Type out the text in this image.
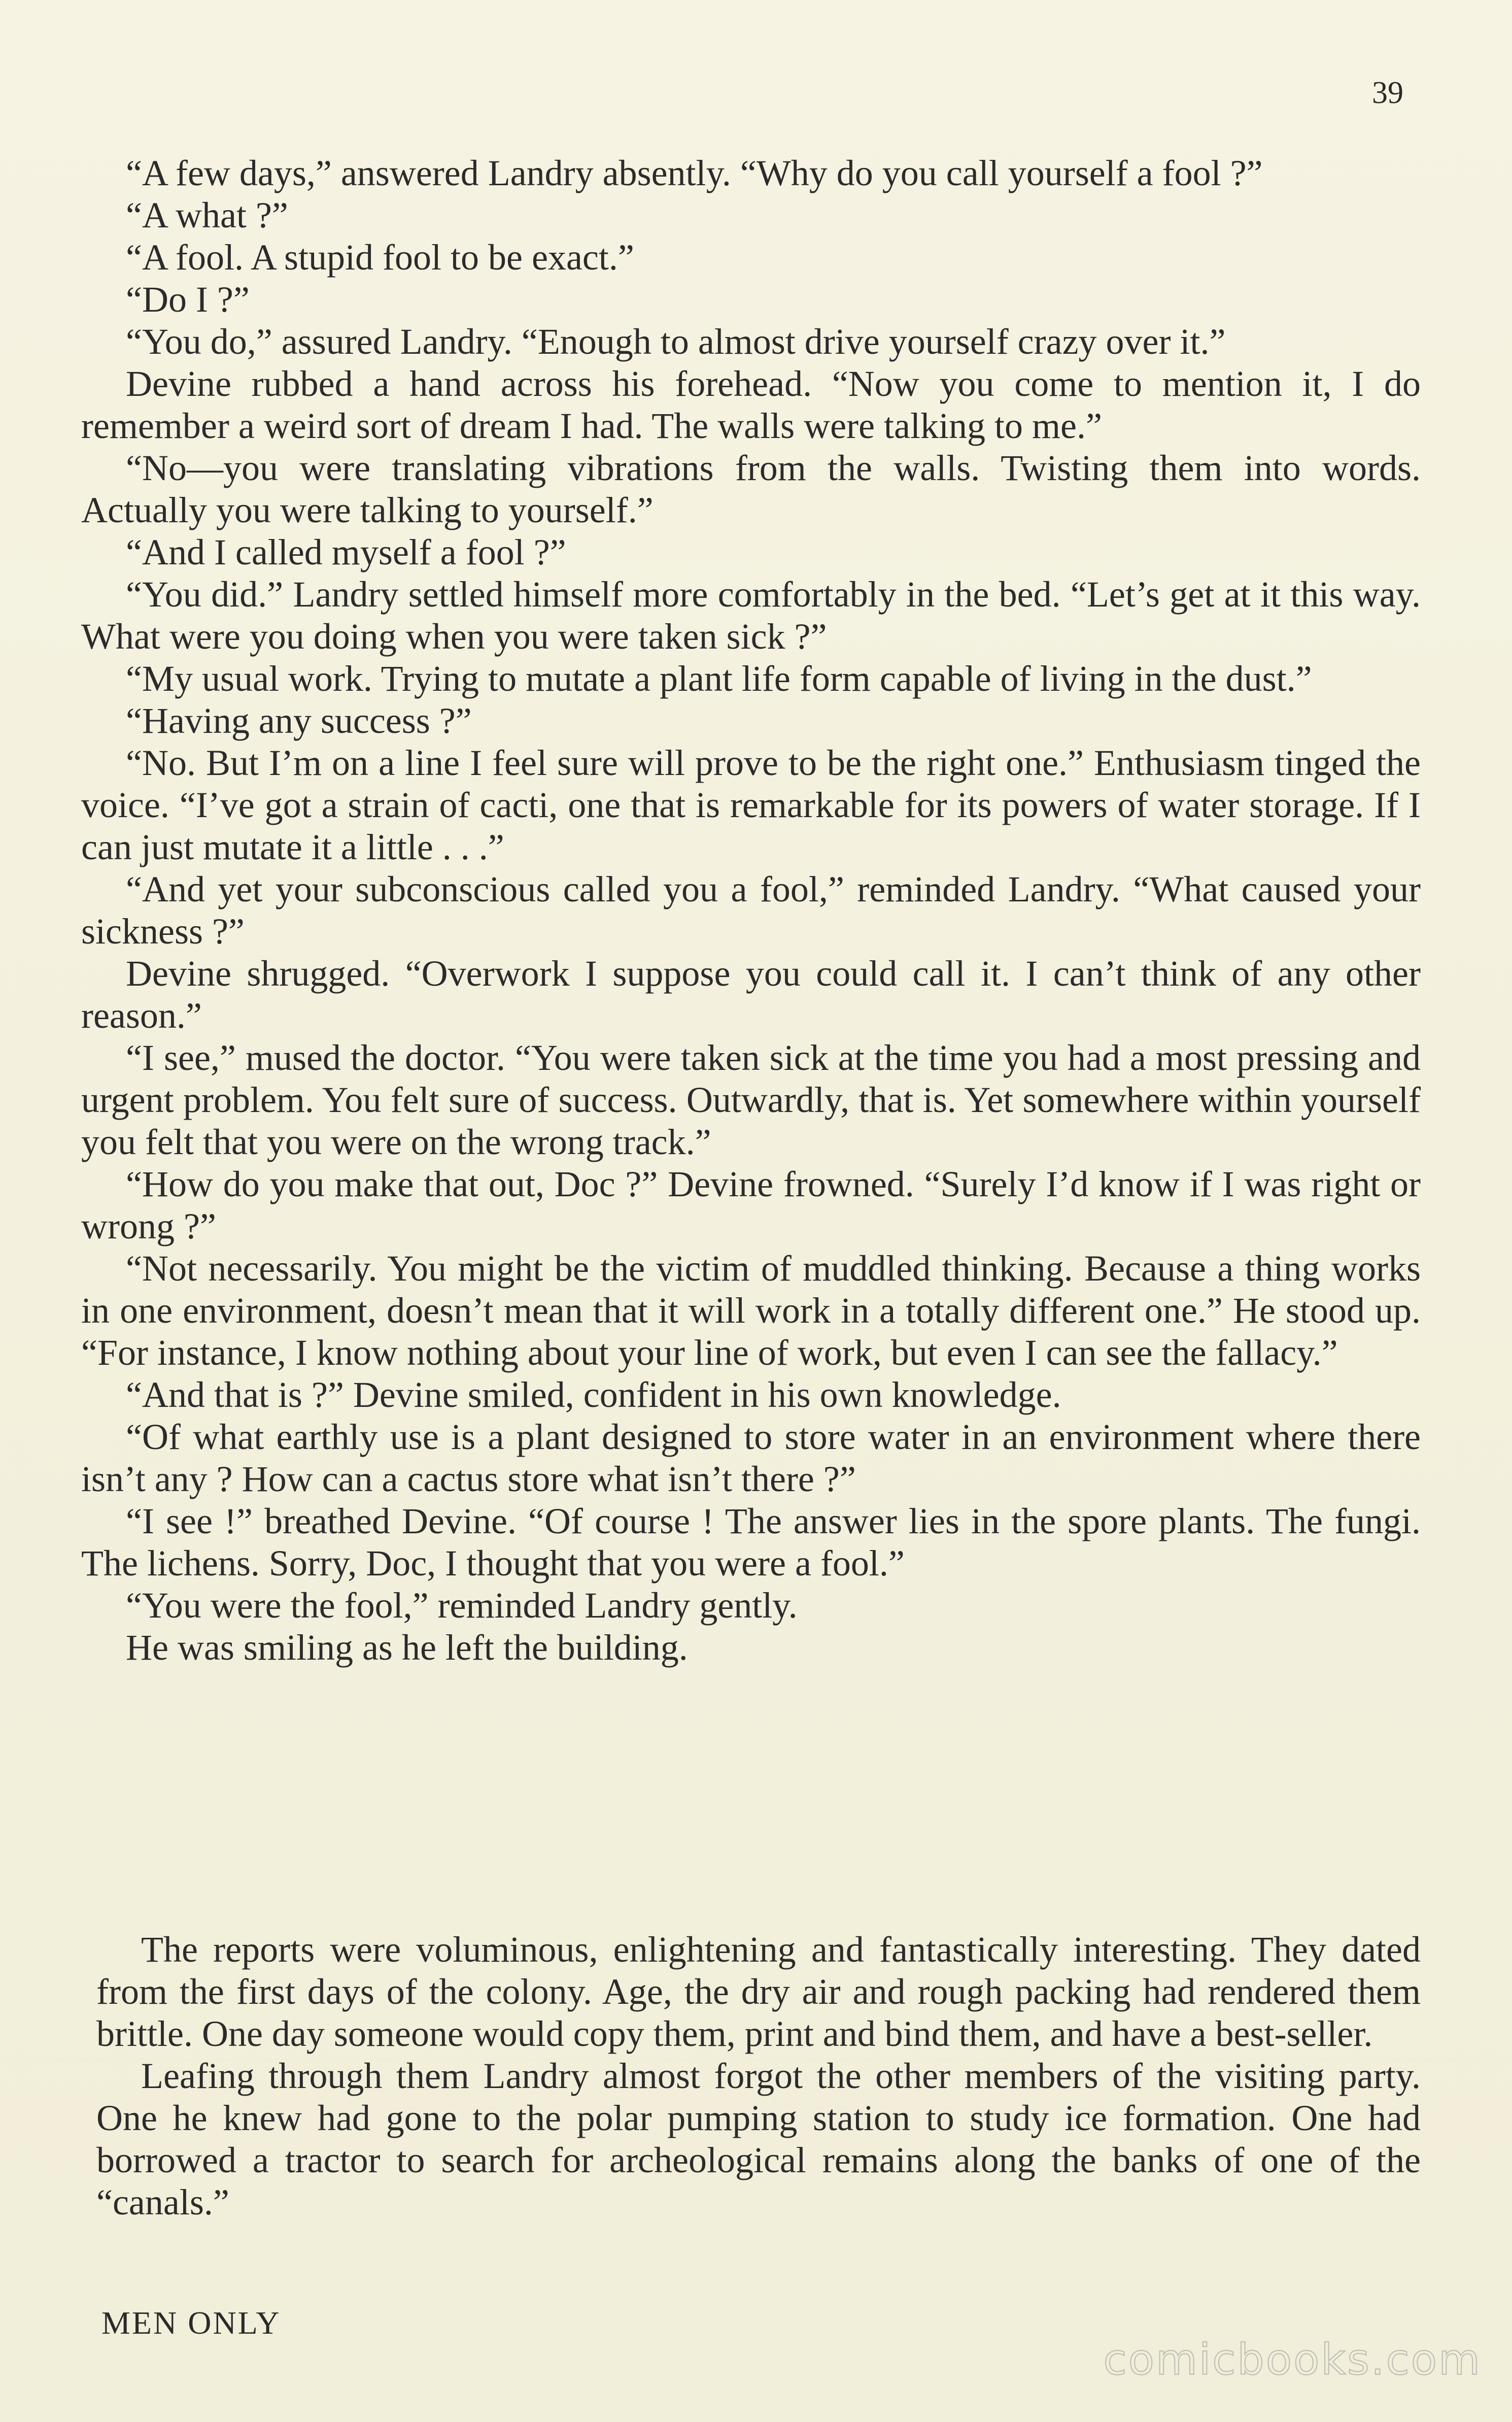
39

“A few days,” answered Landry absently. “Why do you call yourself a fool ?”

“A what ?”

“A fool. A stupid fool to be exact.”

“Do I ?”

“You do,” assured Landry. “Enough to almost drive yourself crazy over it.”

Devine rubbed a hand across his forehead. “Now you come to mention it, I do remember a weird sort of dream I had. The walls were talking to me.”

“No—you were translating vibrations from the walls. Twisting them into words. Actually you were talking to yourself.”

“And I called myself a fool ?”

“You did.” Landry settled himself more comfortably in the bed. “Let’s get at it this way. What were you doing when you were taken sick ?”

“My usual work. Trying to mutate a plant life form capable of living in the dust.”

“Having any success ?”

“No. But I’m on a line I feel sure will prove to be the right one.” Enthusiasm tinged the voice. “I’ve got a strain of cacti, one that is remarkable for its powers of water storage. If I can just mutate it a little . . .”

“And yet your subconscious called you a fool,” reminded Landry. “What caused your sickness ?”

Devine shrugged. “Overwork I suppose you could call it. I can’t think of any other reason.”

“I see,” mused the doctor. “You were taken sick at the time you had a most pressing and urgent problem. You felt sure of success. Outwardly, that is. Yet somewhere within yourself you felt that you were on the wrong track.”

“How do you make that out, Doc ?” Devine frowned. “Surely I’d know if I was right or wrong ?”

“Not necessarily. You might be the victim of muddled thinking. Because a thing works in one environment, doesn’t mean that it will work in a totally different one.” He stood up. “For instance, I know nothing about your line of work, but even I can see the fallacy.”

“And that is ?” Devine smiled, confident in his own knowledge.

“Of what earthly use is a plant designed to store water in an environment where there isn’t any ? How can a cactus store what isn’t there ?”

“I see !” breathed Devine. “Of course ! The answer lies in the spore plants. The fungi. The lichens. Sorry, Doc, I thought that you were a fool.”

“You were the fool,” reminded Landry gently.

He was smiling as he left the building.

The reports were voluminous, enlightening and fantastically interesting. They dated from the first days of the colony. Age, the dry air and rough packing had rendered them brittle. One day someone would copy them, print and bind them, and have a best-seller.

Leafing through them Landry almost forgot the other members of the visiting party. One he knew had gone to the polar pumping station to study ice formation. One had borrowed a tractor to search for archeological remains along the banks of one of the “canals.”

MEN ONLY
comicbooks.com
